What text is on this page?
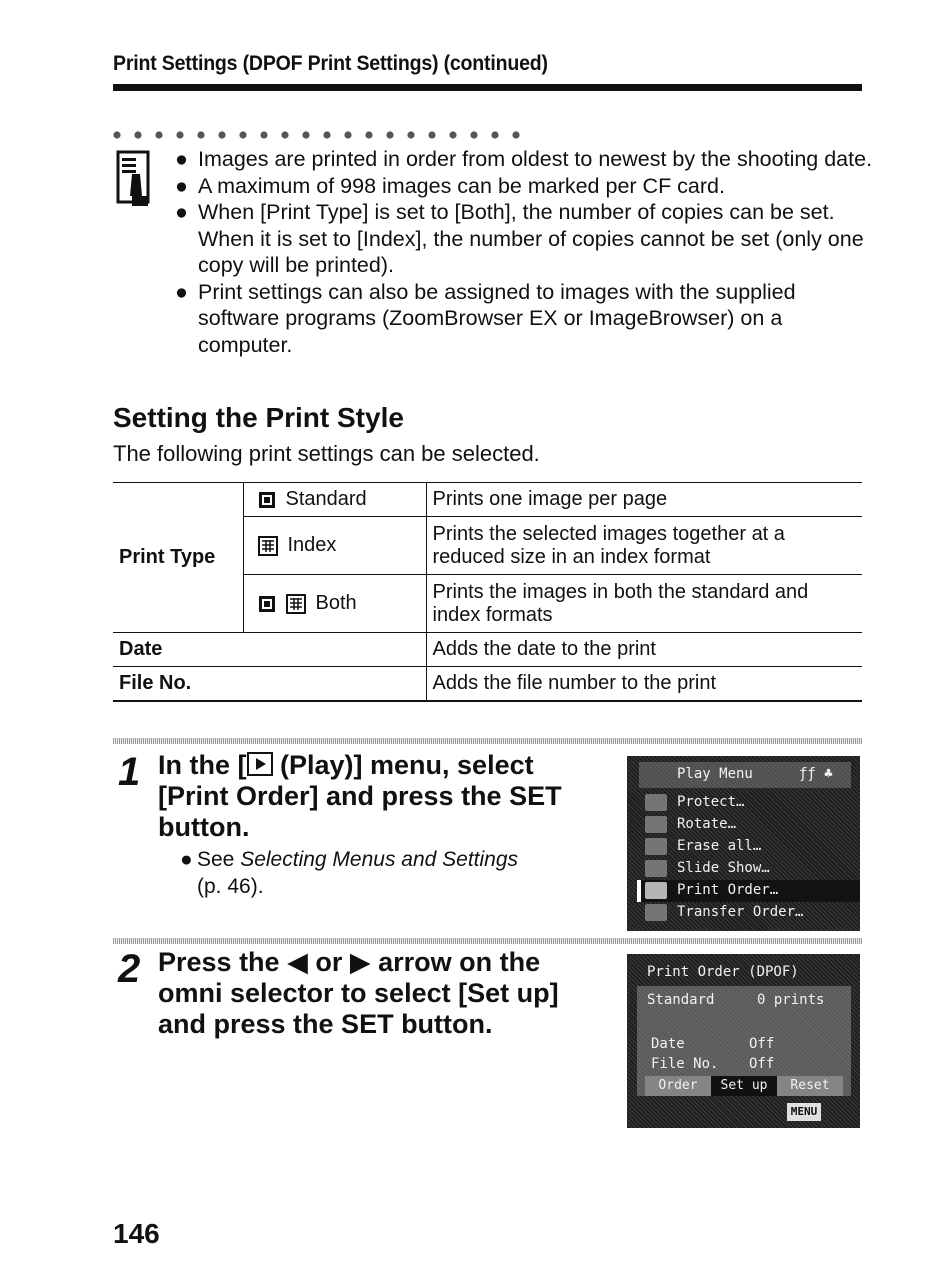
Print Settings (DPOF Print Settings) (continued)
● Images are printed in order from oldest to newest by the shooting date.
● A maximum of 998 images can be marked per CF card.
● When [Print Type] is set to [Both], the number of copies can be set. When it is set to [Index], the number of copies cannot be set (only one copy will be printed).
● Print settings can also be assigned to images with the supplied software programs (ZoomBrowser EX or ImageBrowser) on a computer.
Setting the Print Style
The following print settings can be selected.
Print Type	Standard	Prints one image per page
	Index	Prints the selected images together at a reduced size in an index format
	Both	Prints the images in both the standard and index formats
Date		Adds the date to the print
File No.		Adds the file number to the print
1 In the [ (Play)] menu, select
[Print Order] and press the SET
button.
● See Selecting Menus and Settings
(p. 46).
Play Menu	ƒƒ ♣
Protect…
Rotate…
Erase all…
Slide Show…
Print Order…
Transfer Order…
2 Press the ◀ or ▶ arrow on the
omni selector to select [Set up]
and press the SET button.
Print Order (DPOF)
Standard	0 prints
Date	Off
File No. Off
Order	Set up	Reset
MENU
146
